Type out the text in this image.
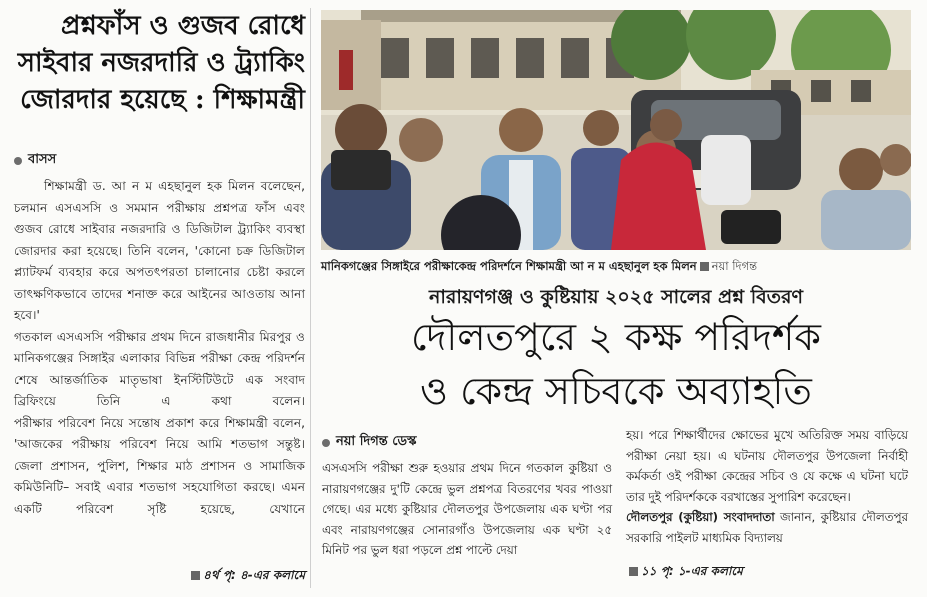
প্রশ্নফাঁস ও গুজব রোধে
সাইবার নজরদারি ও ট্র্যাকিং
জোরদার হয়েছে : শিক্ষামন্ত্রী
বাসস

শিক্ষামন্ত্রী ড. আ ন ম এহছানুল হক মিলন বলেছেন, চলমান এসএসসি ও সমমান পরীক্ষায় প্রশ্নপত্র ফাঁস এবং গুজব রোধে সাইবার নজরদারি ও ডিজিটাল ট্র্যাকিং ব্যবস্থা জোরদার করা হয়েছে। তিনি বলেন, 'কোনো চক্র ডিজিটাল প্ল্যাটফর্ম ব্যবহার করে অপতৎপরতা চালানোর চেষ্টা করলে তাৎক্ষণিকভাবে তাদের শনাক্ত করে আইনের আওতায় আনা হবে।'

গতকাল এসএসসি পরীক্ষার প্রথম দিনে রাজধানীর মিরপুর ও মানিকগঞ্জের সিঙ্গাইর এলাকার বিভিন্ন পরীক্ষা কেন্দ্র পরিদর্শন শেষে আন্তর্জাতিক মাতৃভাষা ইনস্টিটিউটে এক সংবাদ ব্রিফিংয়ে তিনি এ কথা বলেন।

পরীক্ষার পরিবেশ নিয়ে সন্তোষ প্রকাশ করে শিক্ষামন্ত্রী বলেন, 'আজকের পরীক্ষায় পরিবেশ নিয়ে আমি শতভাগ সন্তুষ্ট। জেলা প্রশাসন, পুলিশ, শিক্ষার মাঠ প্রশাসন ও সামাজিক কমিউনিটি– সবাই এবার শতভাগ সহযোগিতা করছে। এমন একটি পরিবেশ সৃষ্টি হয়েছে, যেখানে

৪র্থ পৃ: ৪-এর কলামে
মানিকগঞ্জের সিঙ্গাইরে পরীক্ষাকেন্দ্র পরিদর্শনে শিক্ষামন্ত্রী আ ন ম এহছানুল হক মিলন নয়া দিগন্ত
নারায়ণগঞ্জ ও কুষ্টিয়ায় ২০২৫ সালের প্রশ্ন বিতরণ
দৌলতপুরে ২ কক্ষ পরিদর্শক
ও কেন্দ্র সচিবকে অব্যাহতি
নয়া দিগন্ত ডেস্ক

এসএসসি পরীক্ষা শুরু হওয়ার প্রথম দিনে গতকাল কুষ্টিয়া ও নারায়ণগঞ্জের দু'টি কেন্দ্রে ভুল প্রশ্নপত্র বিতরণের খবর পাওয়া গেছে। এর মধ্যে কুষ্টিয়ার দৌলতপুর উপজেলায় এক ঘণ্টা পর এবং নারায়ণগঞ্জের সোনারগাঁও উপজেলায় এক ঘণ্টা ২৫ মিনিট পর ভুল ধরা পড়লে প্রশ্ন পাল্টে দেয়া

হয়। পরে শিক্ষার্থীদের ক্ষোভের মুখে অতিরিক্ত সময় বাড়িয়ে পরীক্ষা নেয়া হয়। এ ঘটনায় দৌলতপুর উপজেলা নির্বাহী কর্মকর্তা ওই পরীক্ষা কেন্দ্রের সচিব ও যে কক্ষে এ ঘটনা ঘটে তার দুই পরিদর্শককে বরখাস্তের সুপারিশ করেছেন।

দৌলতপুর (কুষ্টিয়া) সংবাদদাতা জানান, কুষ্টিয়ার দৌলতপুর সরকারি পাইলট মাধ্যমিক বিদ্যালয়

১১ পৃ: ১-এর কলামে
